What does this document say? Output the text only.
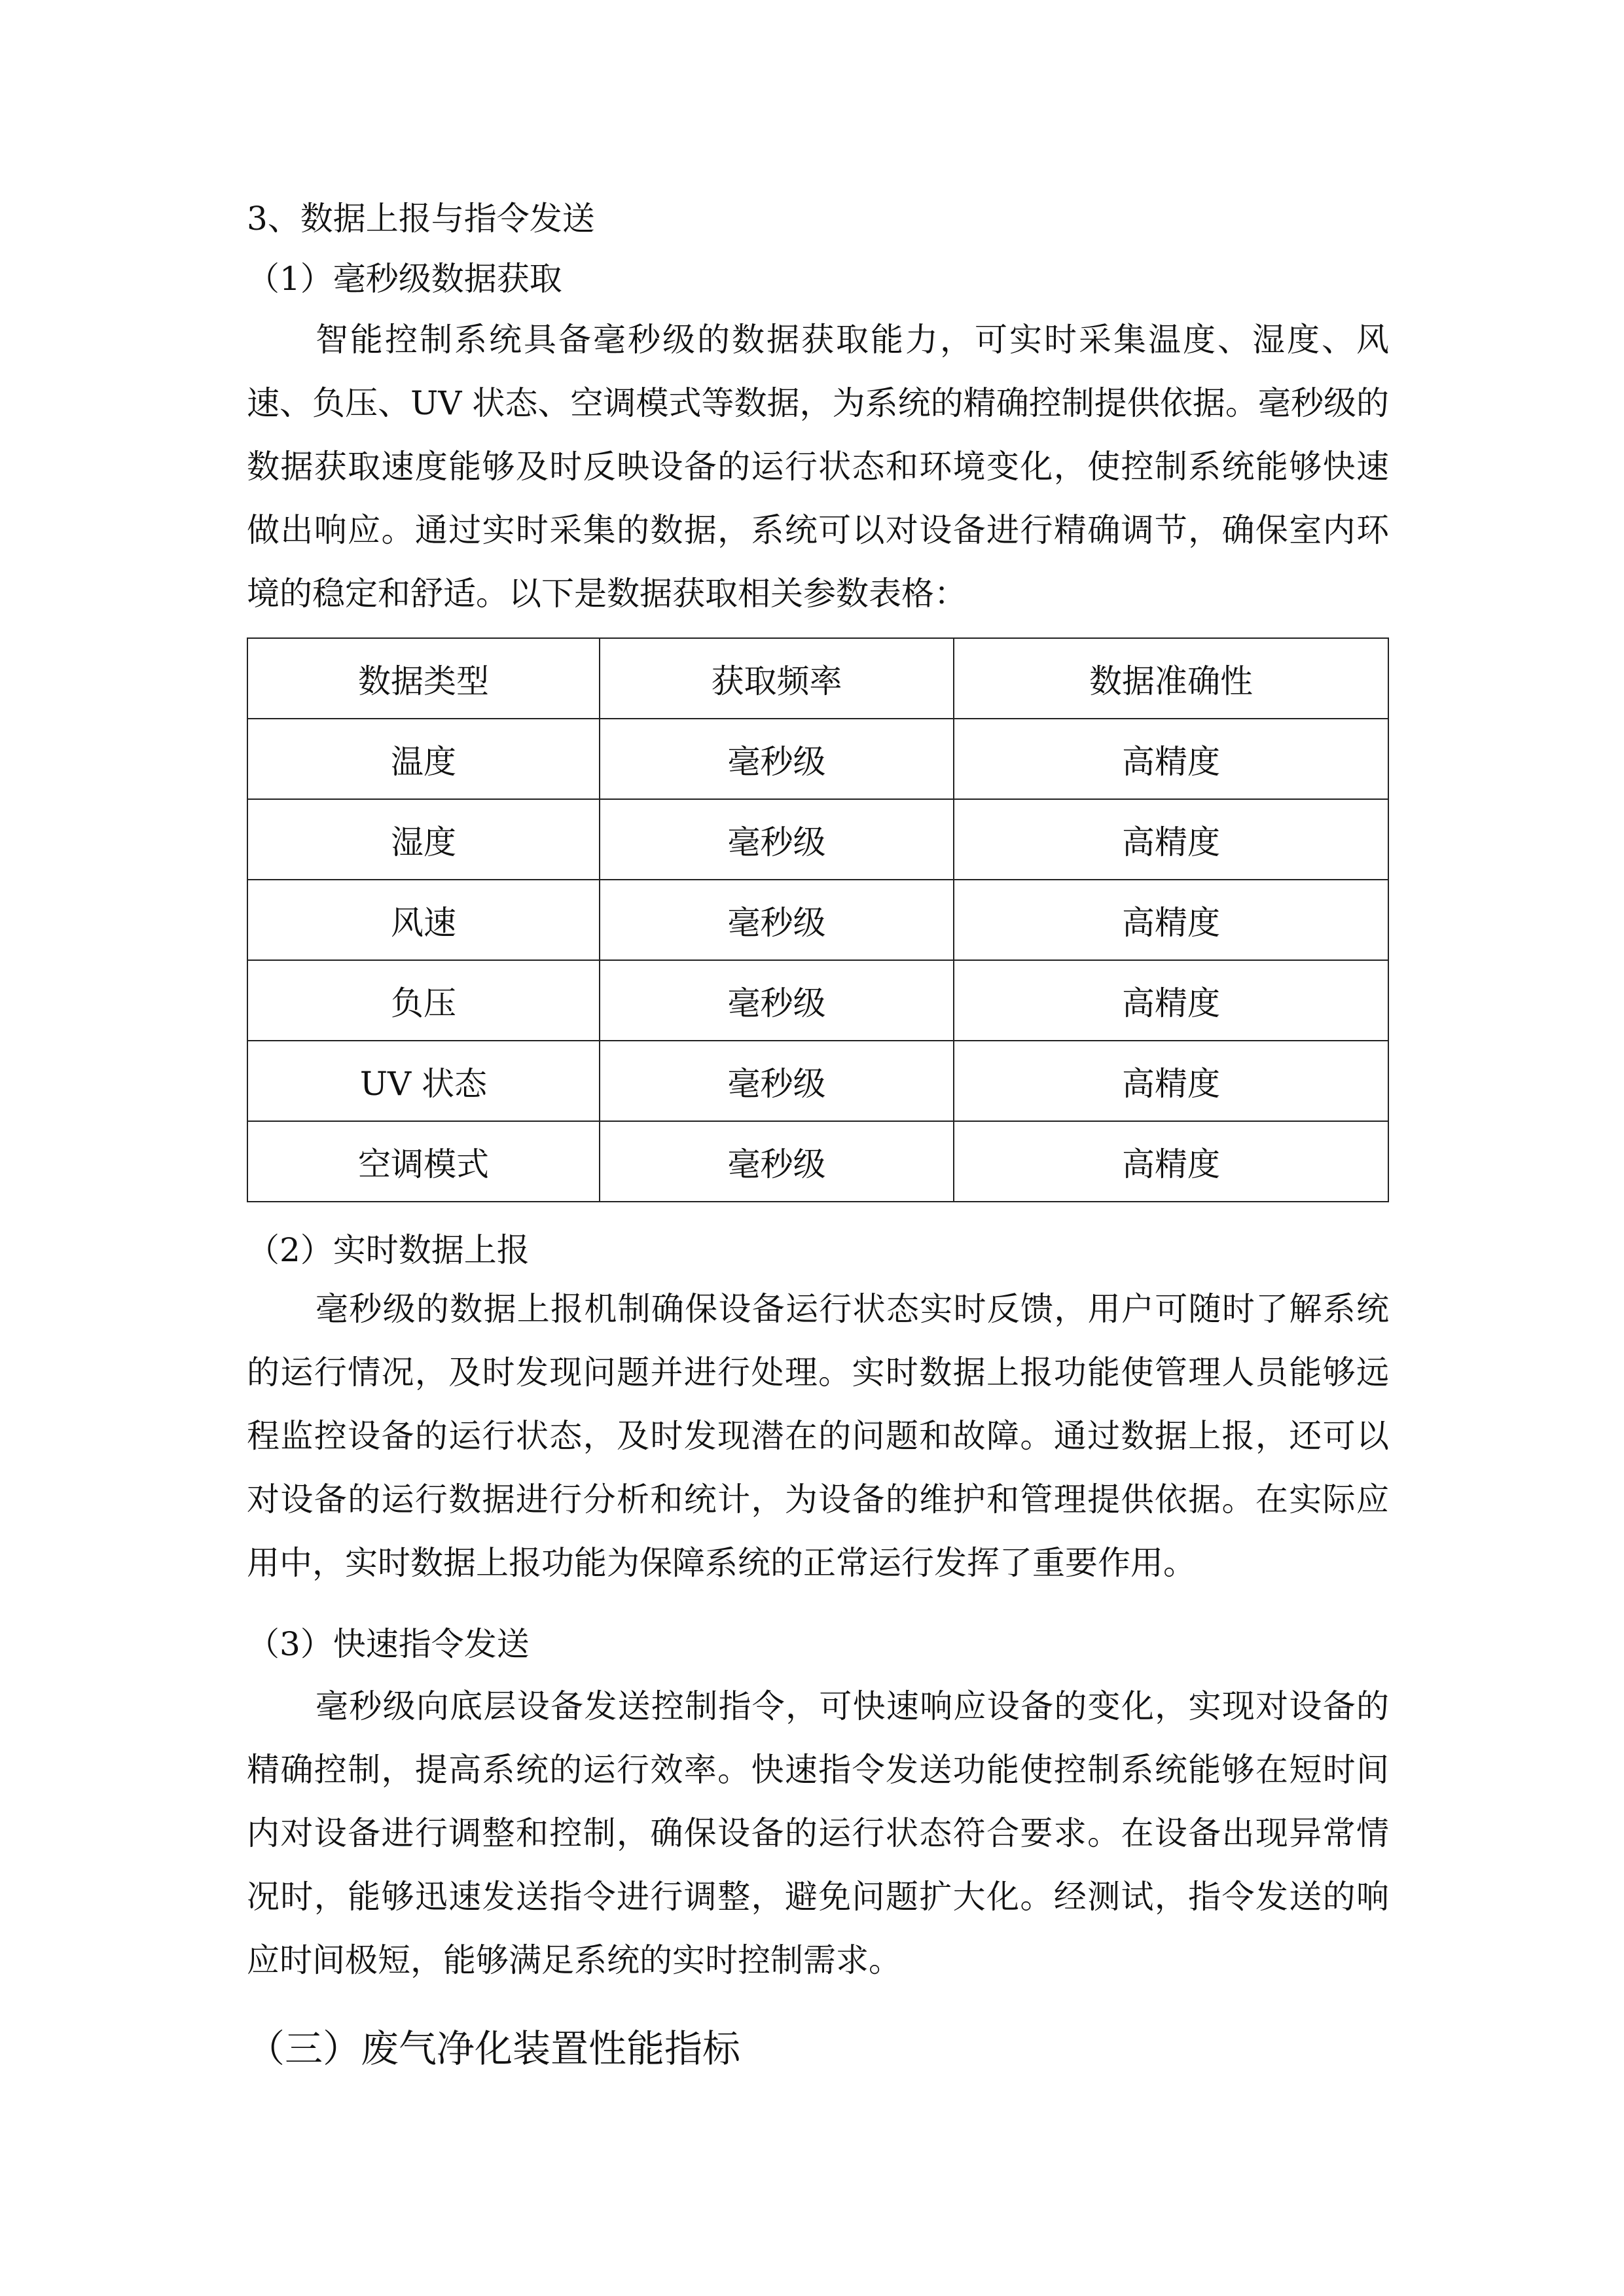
3、数据上报与指令发送
（1）毫秒级数据获取
智能控制系统具备毫秒级的数据获取能力，可实时采集温度、湿度、风
速、负压、UV 状态、空调模式等数据，为系统的精确控制提供依据。毫秒级的
数据获取速度能够及时反映设备的运行状态和环境变化，使控制系统能够快速
做出响应。通过实时采集的数据，系统可以对设备进行精确调节，确保室内环
境的稳定和舒适。以下是数据获取相关参数表格：
数据类型	获取频率	数据准确性
温度	毫秒级	高精度
湿度	毫秒级	高精度
风速	毫秒级	高精度
负压	毫秒级	高精度
UV 状态	毫秒级	高精度
空调模式	毫秒级	高精度
（2）实时数据上报
毫秒级的数据上报机制确保设备运行状态实时反馈，用户可随时了解系统
的运行情况，及时发现问题并进行处理。实时数据上报功能使管理人员能够远
程监控设备的运行状态，及时发现潜在的问题和故障。通过数据上报，还可以
对设备的运行数据进行分析和统计，为设备的维护和管理提供依据。在实际应
用中，实时数据上报功能为保障系统的正常运行发挥了重要作用。
（3）快速指令发送
毫秒级向底层设备发送控制指令，可快速响应设备的变化，实现对设备的
精确控制，提高系统的运行效率。快速指令发送功能使控制系统能够在短时间
内对设备进行调整和控制，确保设备的运行状态符合要求。在设备出现异常情
况时，能够迅速发送指令进行调整，避免问题扩大化。经测试，指令发送的响
应时间极短，能够满足系统的实时控制需求。
（三）废气净化装置性能指标
